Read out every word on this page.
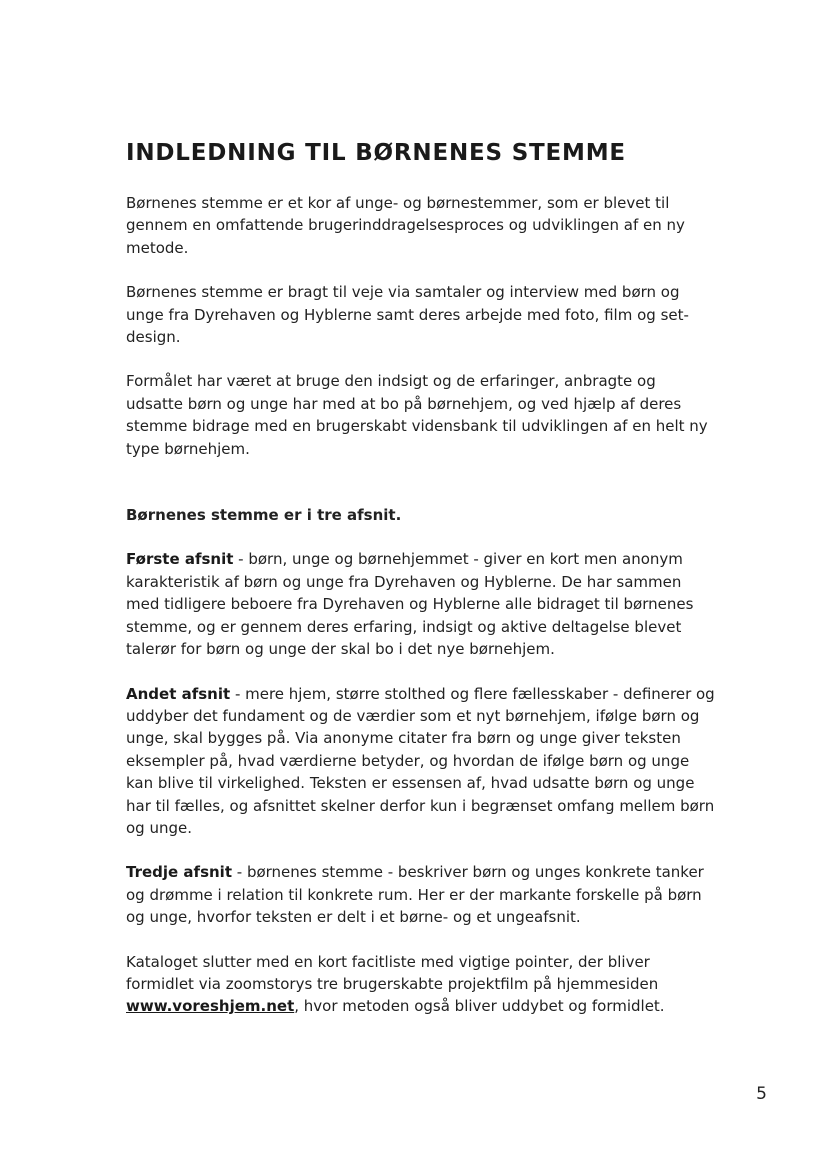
INDLEDNING TIL BØRNENES STEMME

Børnenes stemme er et kor af unge- og børnestemmer, som er blevet til gennem en omfattende brugerinddragelsesproces og udviklingen af en ny metode.

Børnenes stemme er bragt til veje via samtaler og interview med børn og unge fra Dyrehaven og Hyblerne samt deres arbejde med foto, film og set-design.

Formålet har været at bruge den indsigt og de erfaringer, anbragte og udsatte børn og unge har med at bo på børnehjem, og ved hjælp af deres stemme bidrage med en brugerskabt vidensbank til udviklingen af en helt ny type børnehjem.

Børnenes stemme er i tre afsnit.

Første afsnit - børn, unge og børnehjemmet - giver en kort men anonym karakteristik af børn og unge fra Dyrehaven og Hyblerne. De har sammen med tidligere beboere fra Dyrehaven og Hyblerne alle bidraget til børnenes stemme, og er gennem deres erfaring, indsigt og aktive deltagelse blevet talerør for børn og unge der skal bo i det nye børnehjem.

Andet afsnit - mere hjem, større stolthed og flere fællesskaber - definerer og uddyber det fundament og de værdier som et nyt børnehjem, ifølge børn og unge, skal bygges på. Via anonyme citater fra børn og unge giver teksten eksempler på, hvad værdierne betyder, og hvordan de ifølge børn og unge kan blive til virkelighed. Teksten er essensen af, hvad udsatte børn og unge har til fælles, og afsnittet skelner derfor kun i begrænset omfang mellem børn og unge.

Tredje afsnit - børnenes stemme - beskriver børn og unges konkrete tanker og drømme i relation til konkrete rum. Her er der markante forskelle på børn og unge, hvorfor teksten er delt i et børne- og et ungeafsnit.

Kataloget slutter med en kort facitliste med vigtige pointer, der bliver formidlet via zoomstorys tre brugerskabte projektfilm på hjemmesiden www.voreshjem.net, hvor metoden også bliver uddybet og formidlet.

5
